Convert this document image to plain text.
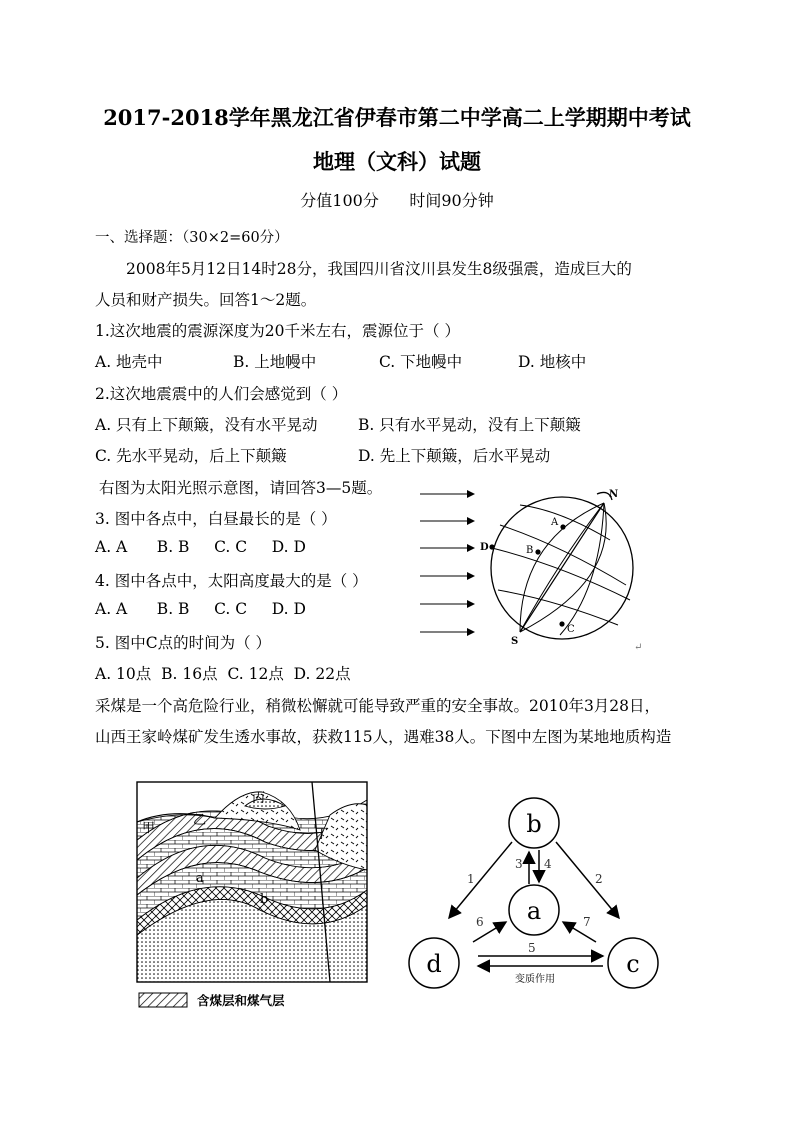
2017-2018学年黑龙江省伊春市第二中学高二上学期期中考试
地理（文科）试题
分值100分      时间90分钟
一、选择题：（30×2=60分）
2008年5月12日14时28分，我国四川省汶川县发生8级强震，造成巨大的
人员和财产损失。回答1～2题。
1.这次地震的震源深度为20千米左右，震源位于（ ）
A. 地壳中	B. 上地幔中	C. 下地幔中	D. 地核中
2.这次地震震中的人们会感觉到（ ）
A. 只有上下颠簸，没有水平晃动	B. 只有水平晃动，没有上下颠簸
C. 先水平晃动，后上下颠簸	D. 先上下颠簸，后水平晃动
右图为太阳光照示意图，请回答3—5题。
3. 图中各点中，白昼最长的是（ ）
A. A      B. B     C. C     D. D
4. 图中各点中，太阳高度最大的是（ ）
A. A      B. B     C. C     D. D
5. 图中C点的时间为（ ）
A. 10点  B. 16点  C. 12点  D. 22点
采煤是一个高危险行业，稍微松懈就可能导致严重的安全事故。2010年3月28日，
山西王家岭煤矿发生透水事故，获救115人，遇难38人。下图中左图为某地地质构造
N
S
A
B
C
D
↵
甲
乙
丙
丁
a
b
含煤层和煤气层
b
a
d	c
1	2
3 4
5
6	7
变质作用
